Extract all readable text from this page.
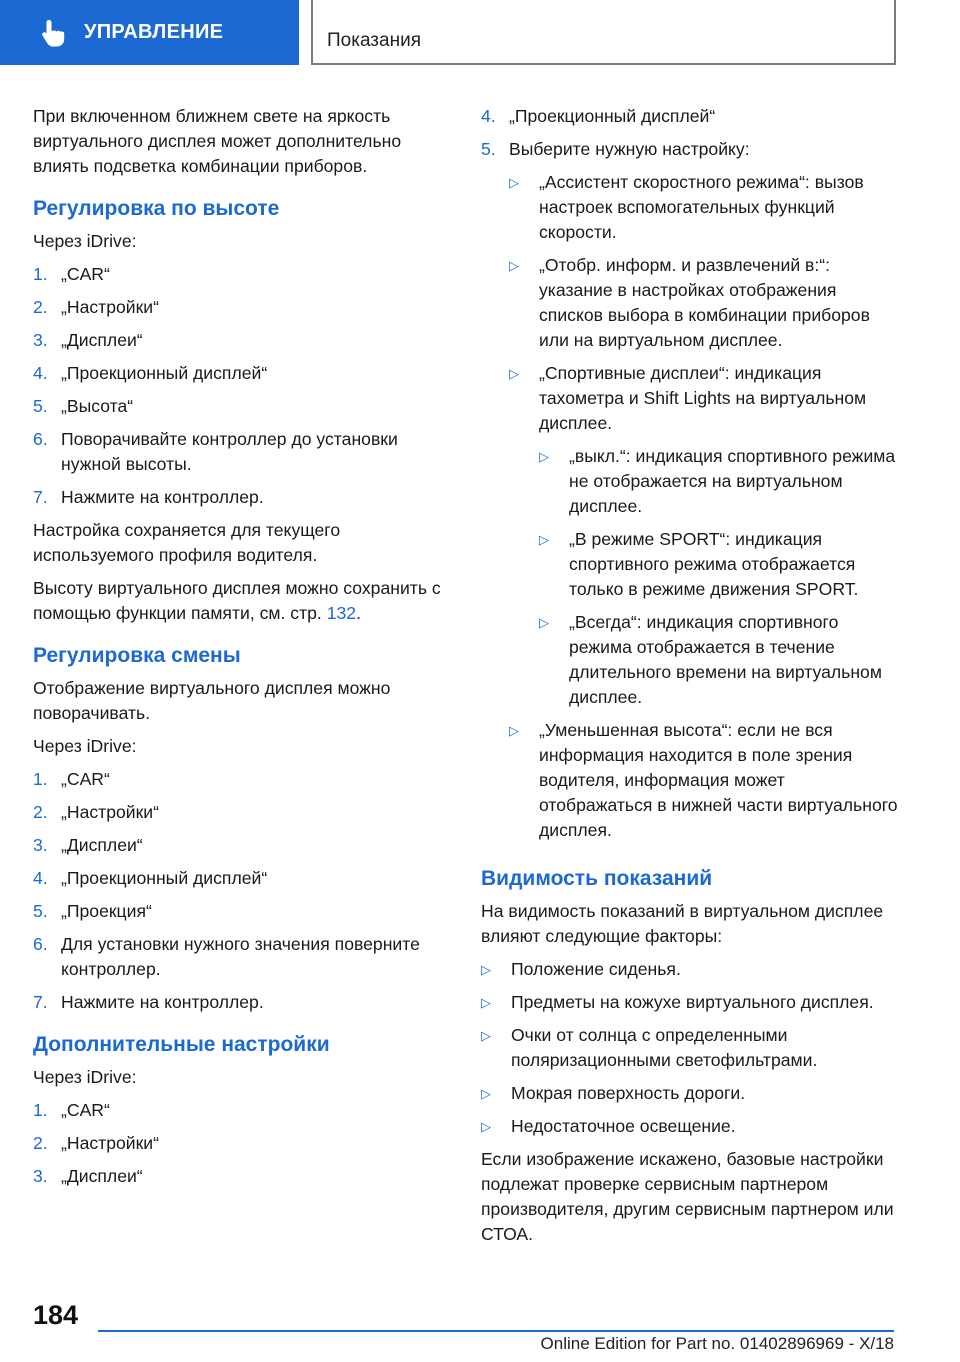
УПРАВЛЕНИЕ	Показания

При включенном ближнем свете на яркость виртуального дисплея может дополнительно влиять подсветка комбинации приборов.

Регулировка по высоте

Через iDrive:

1. „CAR“
2. „Настройки“
3. „Дисплеи“
4. „Проекционный дисплей“
5. „Высота“
6. Поворачивайте контроллер до установки нужной высоты.
7. Нажмите на контроллер.

Настройка сохраняется для текущего используемого профиля водителя.

Высоту виртуального дисплея можно сохранить с помощью функции памяти, см. стр. 132.

Регулировка смены

Отображение виртуального дисплея можно поворачивать.

Через iDrive:

1. „CAR“
2. „Настройки“
3. „Дисплеи“
4. „Проекционный дисплей“
5. „Проекция“
6. Для установки нужного значения поверните контроллер.
7. Нажмите на контроллер.
Дополнительные настройки

Через iDrive:

1. „CAR“
2. „Настройки“
3. „Дисплеи“
4. „Проекционный дисплей“
5. Выберите нужную настройку:
▷	„Ассистент скоростного режима“: вызов настроек вспомогательных функций скорости.
▷	„Отобр. информ. и развлечений в:“: указание в настройках отображения списков выбора в комбинации приборов или на виртуальном дисплее.
▷	„Спортивные дисплеи“: индикация тахометра и Shift Lights на виртуальном дисплее.
▷	„выкл.“: индикация спортивного режима не отображается на виртуальном дисплее.
▷	„В режиме SPORT“: индикация спортивного режима отображается только в режиме движения SPORT.
▷	„Всегда“: индикация спортивного режима отображается в течение длительного времени на виртуальном дисплее.
▷	„Уменьшенная высота“: если не вся информация находится в поле зрения водителя, информация может отображаться в нижней части виртуального дисплея.
Видимость показаний

На видимость показаний в виртуальном дисплее влияют следующие факторы:

▷	Положение сиденья.
▷	Предметы на кожухе виртуального дисплея.
▷	Очки от солнца с определенными поляризационными светофильтрами.
▷	Мокрая поверхность дороги.
▷	Недостаточное освещение.

Если изображение искажено, базовые настройки подлежат проверке сервисным партнером производителя, другим сервисным партнером или СТОА.

184
Online Edition for Part no. 01402896969 - X/18
